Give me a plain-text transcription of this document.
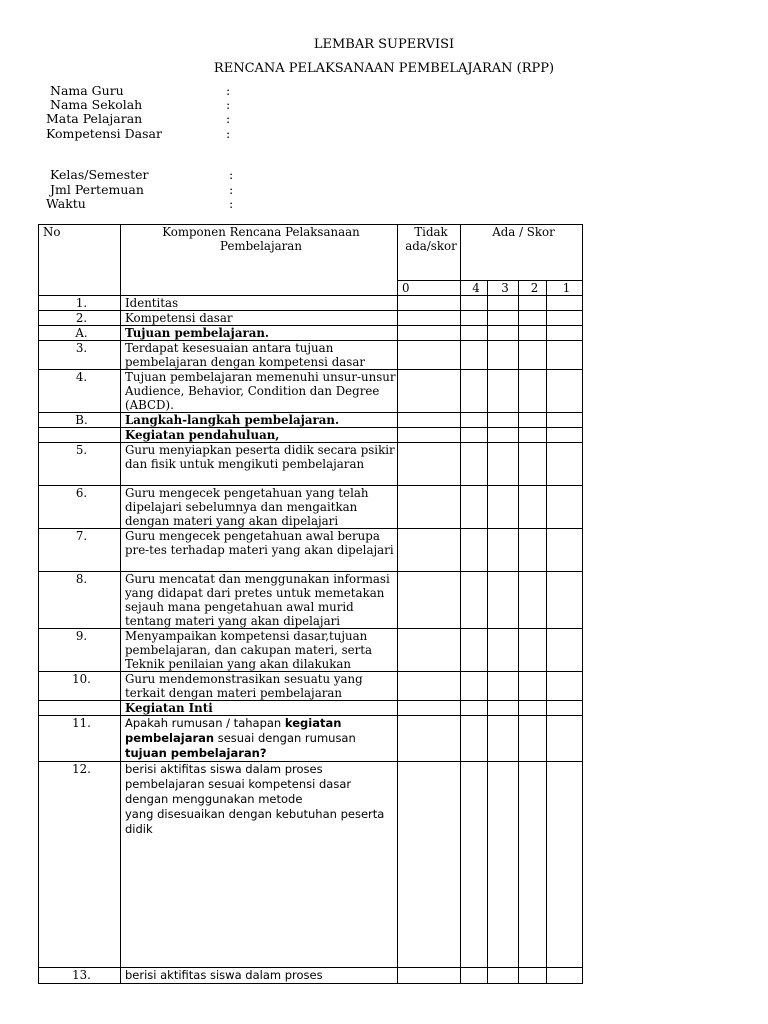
LEMBAR SUPERVISI
RENCANA PELAKSANAAN PEMBELAJARAN (RPP)
Nama Guru	:
Nama Sekolah	:
Mata Pelajaran	:
Kompetensi Dasar	:
Kelas/Semester	:
Jml Pertemuan	:
Waktu	:
No	Komponen Rencana Pelaksanaan Pembelajaran	Tidak ada/skor	Ada / Skor			
		0	4	3	2	1
1.	Identitas					
2.	Kompetensi dasar					
A.	Tujuan pembelajaran.					
3.	Terdapat kesesuaian antara tujuan pembelajaran dengan kompetensi dasar					
4.	Tujuan pembelajaran memenuhi unsur-unsur Audience, Behavior, Condition dan Degree (ABCD).					
B.	Langkah-langkah pembelajaran.					
	Kegiatan pendahuluan,					
5.	Guru menyiapkan peserta didik secara psikir dan fisik untuk mengikuti pembelajaran					
6.	Guru mengecek pengetahuan yang telah dipelajari sebelumnya dan mengaitkan dengan materi yang akan dipelajari					
7.	Guru mengecek pengetahuan awal berupa pre-tes terhadap materi yang akan dipelajari					
8.	Guru mencatat dan menggunakan informasi yang didapat dari pretes untuk memetakan sejauh mana pengetahuan awal murid tentang materi yang akan dipelajari					
9.	Menyampaikan kompetensi dasar,tujuan pembelajaran, dan cakupan materi, serta Teknik penilaian yang akan dilakukan					
10.	Guru mendemonstrasikan sesuatu yang terkait dengan materi pembelajaran					
	Kegiatan Inti					
11.	Apakah rumusan / tahapan kegiatan pembelajaran sesuai dengan rumusan tujuan pembelajaran?					
12.	berisi aktifitas siswa dalam proses pembelajaran sesuai kompetensi dasar dengan menggunakan metode
yang disesuaikan dengan kebutuhan peserta didik					
13.	berisi aktifitas siswa dalam proses					
